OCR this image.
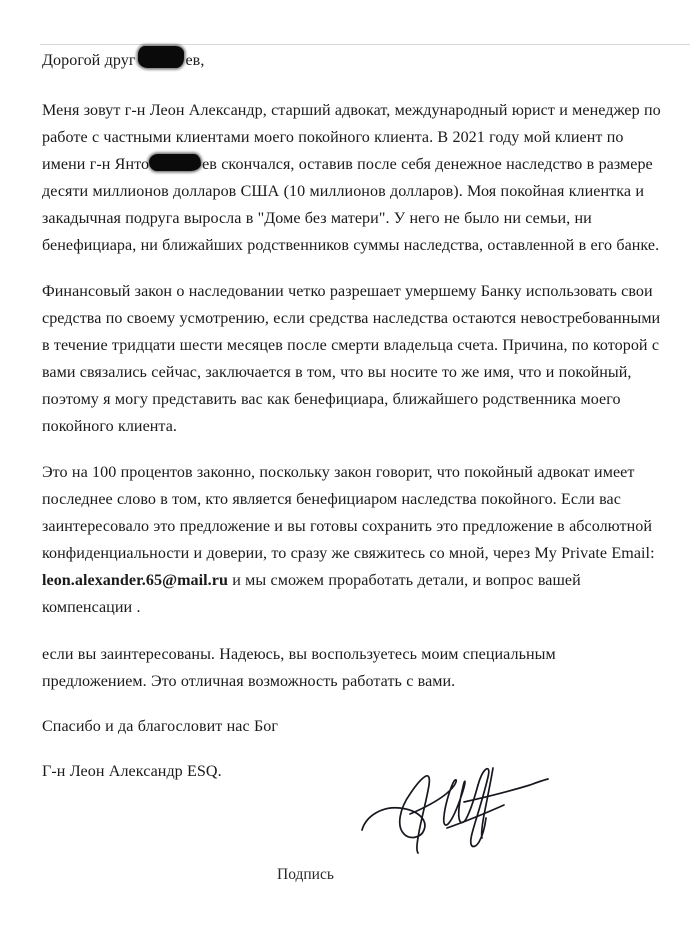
Дорогой друг	ев,

Меня зовут г-н Леон Александр, старший адвокат, международный юрист и менеджер по работе с частными клиентами моего покойного клиента. В 2021 году мой клиент по имени г-н Янто	ев скончался, оставив после себя денежное наследство в размере десяти миллионов долларов США (10 миллионов долларов). Моя покойная клиентка и закадычная подруга выросла в "Доме без матери". У него не было ни семьи, ни бенефициара, ни ближайших родственников суммы наследства, оставленной в его банке.

Финансовый закон о наследовании четко разрешает умершему Банку использовать свои средства по своему усмотрению, если средства наследства остаются невостребованными в течение тридцати шести месяцев после смерти владельца счета. Причина, по которой с вами связались сейчас, заключается в том, что вы носите то же имя, что и покойный, поэтому я могу представить вас как бенефициара, ближайшего родственника моего покойного клиента.

Это на 100 процентов законно, поскольку закон говорит, что покойный адвокат имеет последнее слово в том, кто является бенефициаром наследства покойного. Если вас заинтересовало это предложение и вы готовы сохранить это предложение в абсолютной конфиденциальности и доверии, то сразу же свяжитесь со мной, через My Private Email: leon.alexander.65@mail.ru и мы сможем проработать детали, и вопрос вашей компенсации .

если вы заинтересованы. Надеюсь, вы воспользуетесь моим специальным предложением. Это отличная возможность работать с вами.

Спасибо и да благословит нас Бог

Г-н Леон Александр ESQ.

Подпись
